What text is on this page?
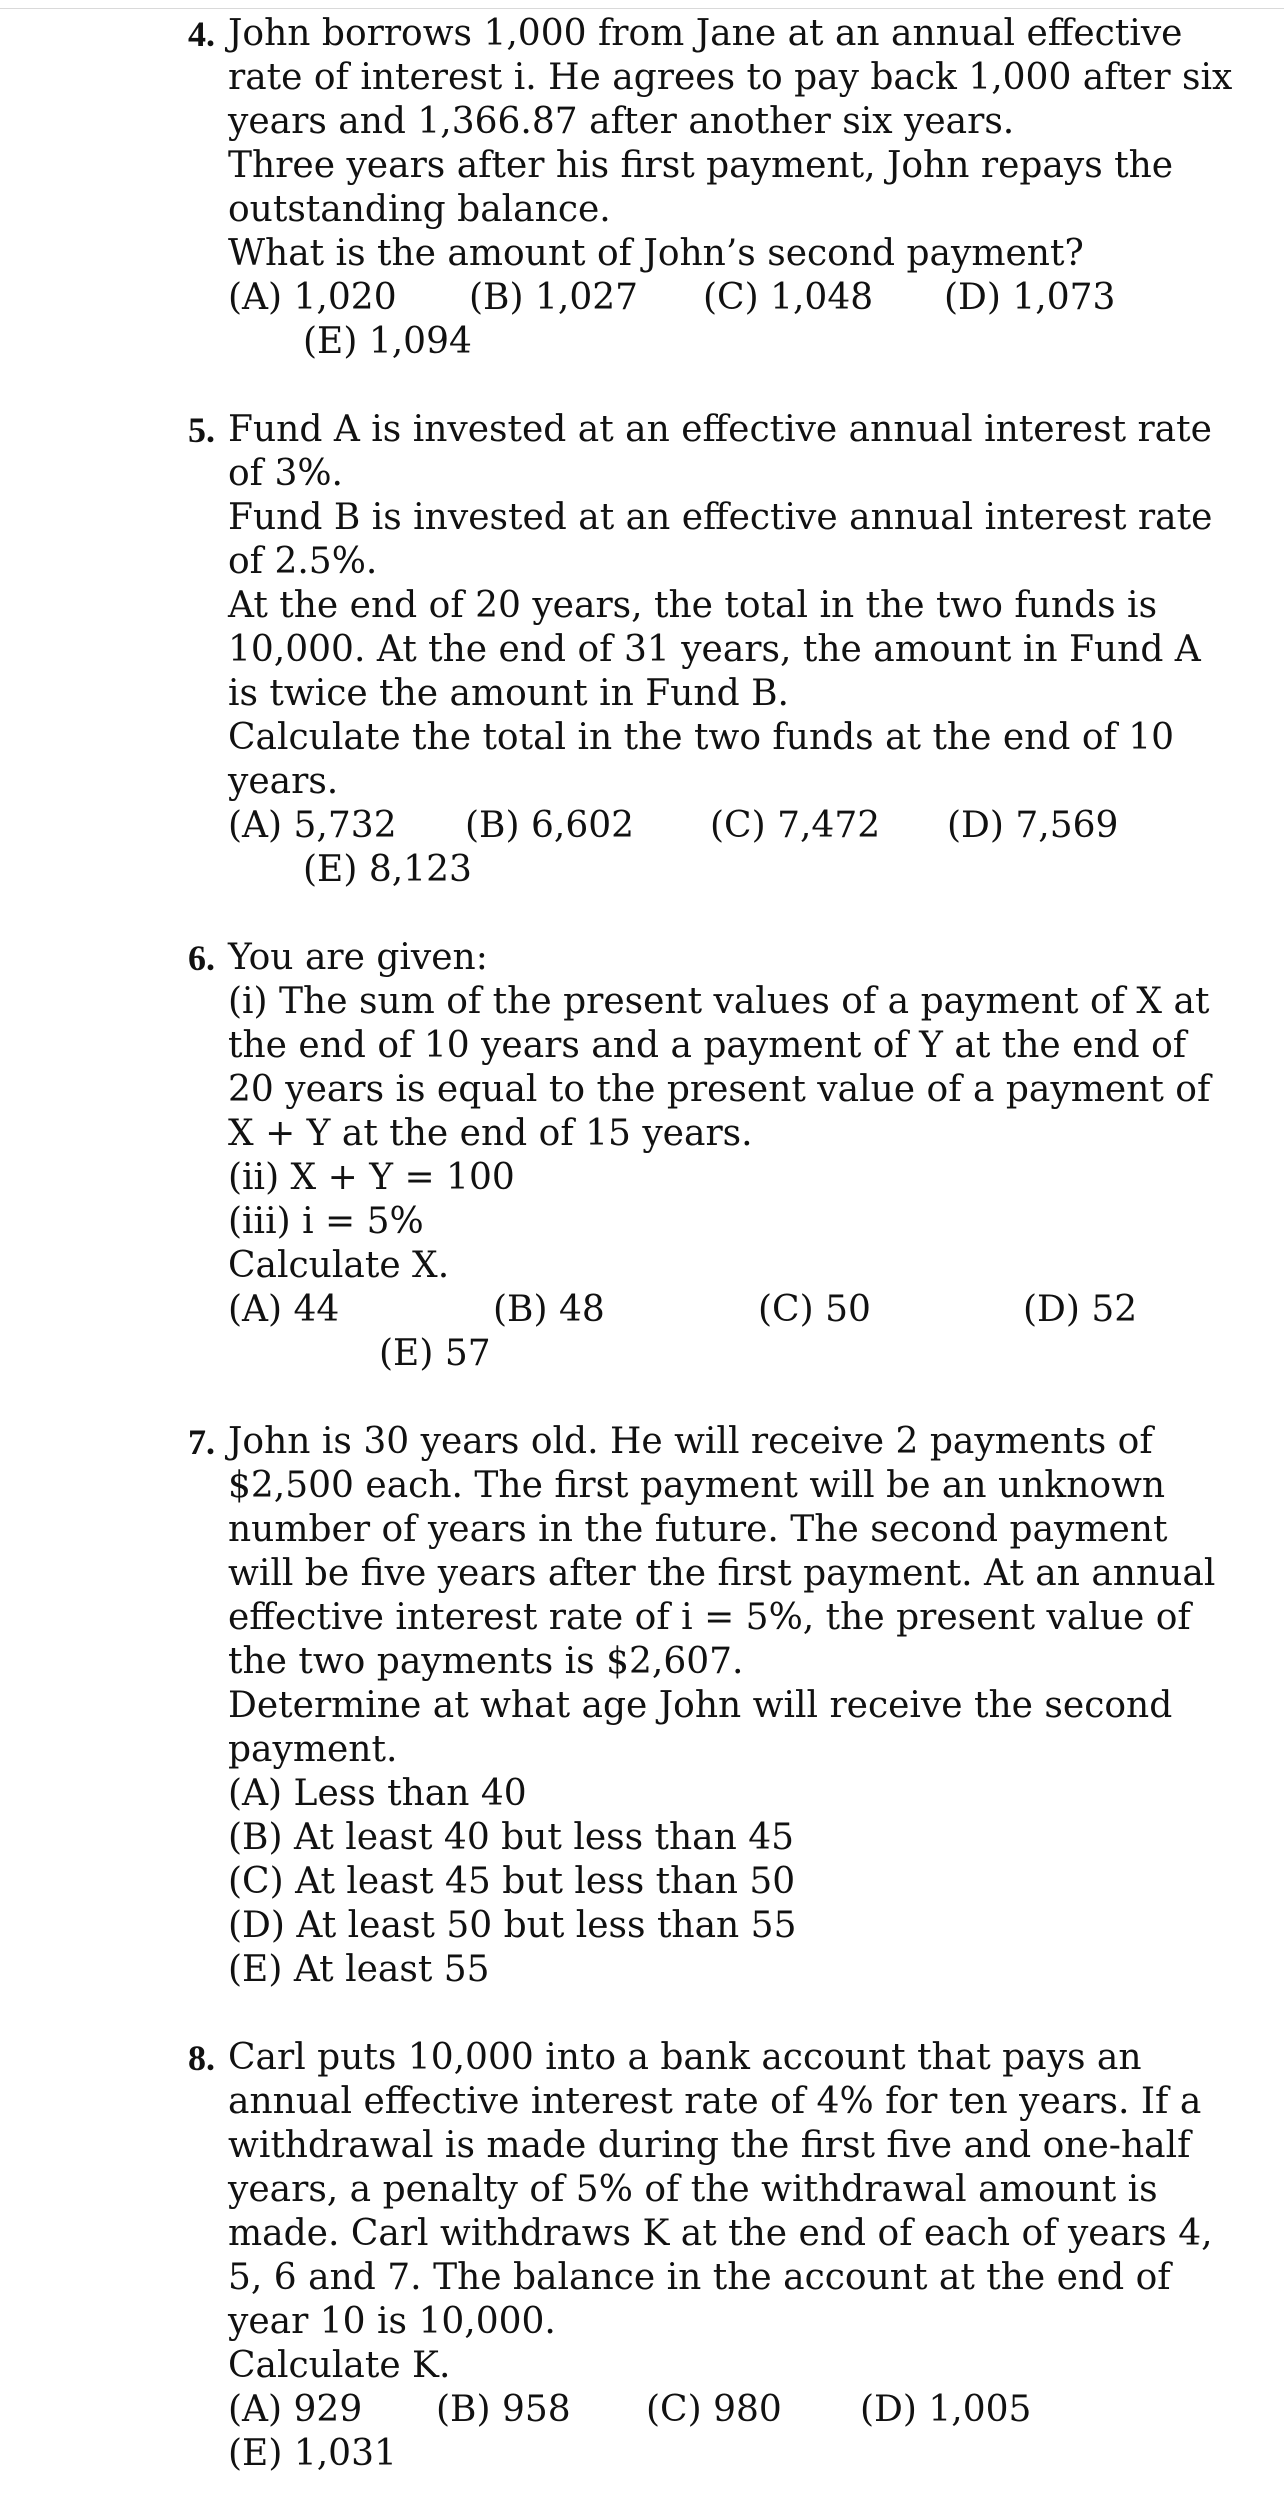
4. John borrows 1,000 from Jane at an annual effective
rate of interest i. He agrees to pay back 1,000 after six
years and 1,366.87 after another six years.
Three years after his first payment, John repays the
outstanding balance.
What is the amount of John’s second payment?
(A) 1,020	(B) 1,027	(C) 1,048	(D) 1,073
(E) 1,094
5. Fund A is invested at an effective annual interest rate
of 3%.
Fund B is invested at an effective annual interest rate
of 2.5%.
At the end of 20 years, the total in the two funds is
10,000. At the end of 31 years, the amount in Fund A
is twice the amount in Fund B.
Calculate the total in the two funds at the end of 10
years.
(A) 5,732	(B) 6,602	(C) 7,472	(D) 7,569
(E) 8,123
6. You are given:
(i) The sum of the present values of a payment of X at
the end of 10 years and a payment of Y at the end of
20 years is equal to the present value of a payment of
X + Y at the end of 15 years.
(ii) X + Y = 100
(iii) i = 5%
Calculate X.
(A) 44	(B) 48	(C) 50	(D) 52
(E) 57
7. John is 30 years old. He will receive 2 payments of
$2,500 each. The first payment will be an unknown
number of years in the future. The second payment
will be five years after the first payment. At an annual
effective interest rate of i = 5%, the present value of
the two payments is $2,607.
Determine at what age John will receive the second
payment.
(A) Less than 40
(B) At least 40 but less than 45
(C) At least 45 but less than 50
(D) At least 50 but less than 55
(E) At least 55
8. Carl puts 10,000 into a bank account that pays an
annual effective interest rate of 4% for ten years. If a
withdrawal is made during the first five and one-half
years, a penalty of 5% of the withdrawal amount is
made. Carl withdraws K at the end of each of years 4,
5, 6 and 7. The balance in the account at the end of
year 10 is 10,000.
Calculate K.
(A) 929	(B) 958	(C) 980	(D) 1,005
(E) 1,031
